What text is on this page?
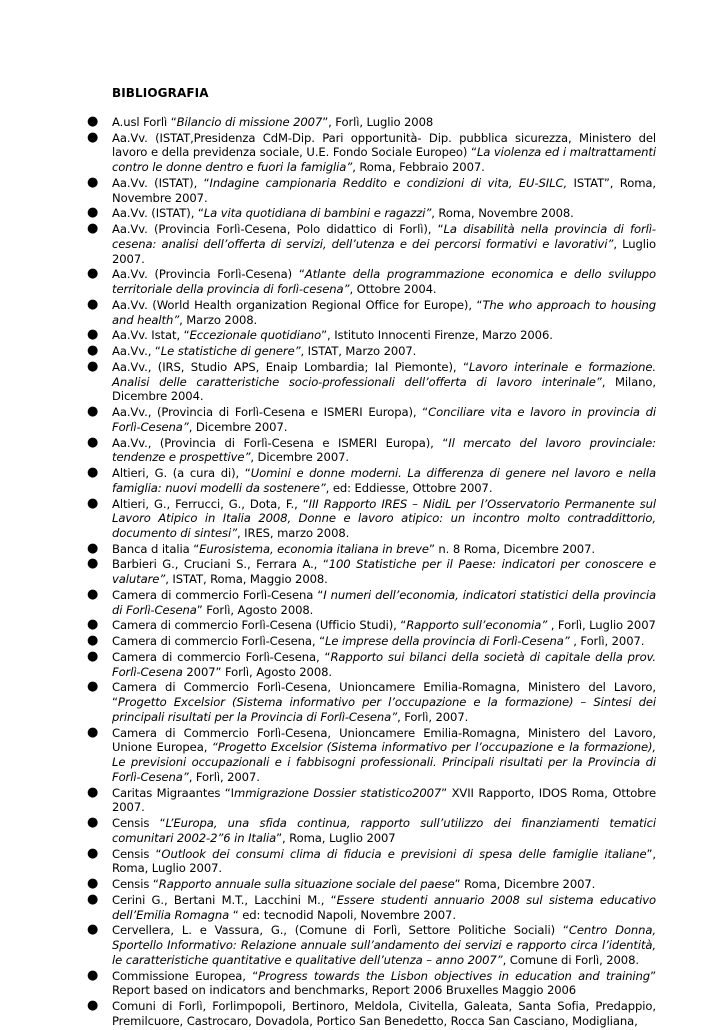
BIBLIOGRAFIA
● A.usl Forlì “Bilancio di missione 2007”, Forlì, Luglio 2008
● Aa.Vv. (ISTAT,Presidenza CdM-Dip. Pari opportunità- Dip. pubblica sicurezza, Ministero del lavoro e della previdenza sociale, U.E. Fondo Sociale Europeo) “La violenza ed i maltrattamenti contro le donne dentro e fuori la famiglia”, Roma, Febbraio 2007.
● Aa.Vv. (ISTAT), “Indagine campionaria Reddito e condizioni di vita, EU-SILC, ISTAT”, Roma, Novembre 2007.
● Aa.Vv. (ISTAT), “La vita quotidiana di bambini e ragazzi”, Roma, Novembre 2008.
● Aa.Vv. (Provincia Forlì-Cesena, Polo didattico di Forlì), “La disabilità nella provincia di forlì-cesena: analisi dell’offerta di servizi, dell’utenza e dei percorsi formativi e lavorativi”, Luglio 2007.
● Aa.Vv. (Provincia Forlì-Cesena) “Atlante della programmazione economica e dello sviluppo territoriale della provincia di forlì-cesena”, Ottobre 2004.
● Aa.Vv. (World Health organization Regional Office for Europe), “The who approach to housing and health”, Marzo 2008.
● Aa.Vv. Istat, “Eccezionale quotidiano”, Istituto Innocenti Firenze, Marzo 2006.
● Aa.Vv., “Le statistiche di genere”, ISTAT, Marzo 2007.
● Aa.Vv., (IRS, Studio APS, Enaip Lombardia; Ial Piemonte), “Lavoro interinale e formazione. Analisi delle caratteristiche socio-professionali dell’offerta di lavoro interinale”, Milano, Dicembre 2004.
● Aa.Vv., (Provincia di Forlì-Cesena e ISMERI Europa), “Conciliare vita e lavoro in provincia di Forlì-Cesena”, Dicembre 2007.
● Aa.Vv., (Provincia di Forlì-Cesena e ISMERI Europa), “Il mercato del lavoro provinciale: tendenze e prospettive”, Dicembre 2007.
● Altieri, G. (a cura di), “Uomini e donne moderni. La differenza di genere nel lavoro e nella famiglia: nuovi modelli da sostenere”, ed: Eddiesse, Ottobre 2007.
● Altieri, G., Ferrucci, G., Dota, F., “III Rapporto IRES – NidiL per l’Osservatorio Permanente sul Lavoro Atipico in Italia 2008, Donne e lavoro atipico: un incontro molto contraddittorio, documento di sintesi”, IRES, marzo 2008.
● Banca d italia “Eurosistema, economia italiana in breve” n. 8 Roma, Dicembre 2007.
● Barbieri G., Cruciani S., Ferrara A., “100 Statistiche per il Paese: indicatori per conoscere e valutare”, ISTAT, Roma, Maggio 2008.
● Camera di commercio Forlì-Cesena “I numeri dell’economia, indicatori statistici della provincia di Forlì-Cesena” Forlì, Agosto 2008.
● Camera di commercio Forlì-Cesena (Ufficio Studi), “Rapporto sull’economia” , Forlì, Luglio 2007
● Camera di commercio Forlì-Cesena, “Le imprese della provincia di Forlì-Cesena” , Forlì, 2007.
● Camera di commercio Forlì-Cesena, “Rapporto sui bilanci della società di capitale della prov. Forlì-Cesena 2007” Forlì, Agosto 2008.
● Camera di Commercio Forlì-Cesena, Unioncamere Emilia-Romagna, Ministero del Lavoro, “Progetto Excelsior (Sistema informativo per l’occupazione e la formazione) – Sintesi dei principali risultati per la Provincia di Forlì-Cesena”, Forlì, 2007.
● Camera di Commercio Forlì-Cesena, Unioncamere Emilia-Romagna, Ministero del Lavoro, Unione Europea, “Progetto Excelsior (Sistema informativo per l’occupazione e la formazione), Le previsioni occupazionali e i fabbisogni professionali. Principali risultati per la Provincia di Forlì-Cesena”, Forlì, 2007.
● Caritas Migraantes “Immigrazione Dossier statistico2007” XVII Rapporto, IDOS Roma, Ottobre 2007.
● Censis “L’Europa, una sfida continua, rapporto sull’utilizzo dei finanziamenti tematici comunitari 2002-2”6 in Italia”, Roma, Luglio 2007
● Censis “Outlook dei consumi clima di fiducia e previsioni di spesa delle famiglie italiane”, Roma, Luglio 2007.
● Censis “Rapporto annuale sulla situazione sociale del paese” Roma, Dicembre 2007.
● Cerini G., Bertani M.T., Lacchini M., “Essere studenti annuario 2008 sul sistema educativo dell’Emilia Romagna “ ed: tecnodid Napoli, Novembre 2007.
● Cervellera, L. e Vassura, G., (Comune di Forlì, Settore Politiche Sociali) “Centro Donna, Sportello Informativo: Relazione annuale sull’andamento dei servizi e rapporto circa l’identità, le caratteristiche quantitative e qualitative dell’utenza – anno 2007”, Comune di Forlì, 2008.
● Commissione Europea, “Progress towards the Lisbon objectives in education and training” Report based on indicators and benchmarks, Report 2006 Bruxelles Maggio 2006
● Comuni di Forlì, Forlimpopoli, Bertinoro, Meldola, Civitella, Galeata, Santa Sofia, Predappio, Premilcuore, Castrocaro, Dovadola, Portico San Benedetto, Rocca San Casciano, Modigliana,
